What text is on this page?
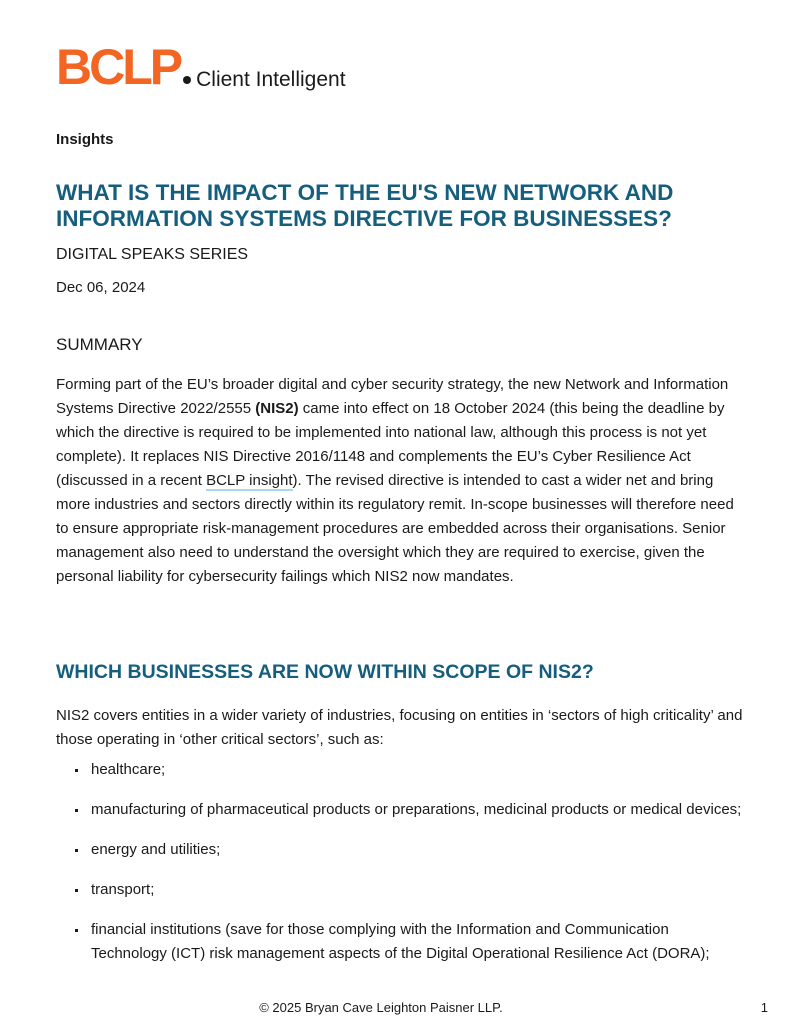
BCLP Client Intelligent
Insights
WHAT IS THE IMPACT OF THE EU'S NEW NETWORK AND INFORMATION SYSTEMS DIRECTIVE FOR BUSINESSES?
DIGITAL SPEAKS SERIES
Dec 06, 2024
SUMMARY

Forming part of the EU’s broader digital and cyber security strategy, the new Network and Information Systems Directive 2022/2555 (NIS2) came into effect on 18 October 2024 (this being the deadline by which the directive is required to be implemented into national law, although this process is not yet complete). It replaces NIS Directive 2016/1148 and complements the EU’s Cyber Resilience Act (discussed in a recent BCLP insight). The revised directive is intended to cast a wider net and bring more industries and sectors directly within its regulatory remit. In-scope businesses will therefore need to ensure appropriate risk-management procedures are embedded across their organisations. Senior management also need to understand the oversight which they are required to exercise, given the personal liability for cybersecurity failings which NIS2 now mandates.

WHICH BUSINESSES ARE NOW WITHIN SCOPE OF NIS2?

NIS2 covers entities in a wider variety of industries, focusing on entities in ‘sectors of high criticality’ and those operating in ‘other critical sectors’, such as:

healthcare;
manufacturing of pharmaceutical products or preparations, medicinal products or medical devices;
energy and utilities;
transport;
financial institutions (save for those complying with the Information and Communication Technology (ICT) risk management aspects of the Digital Operational Resilience Act (DORA);
© 2025 Bryan Cave Leighton Paisner LLP.	1
